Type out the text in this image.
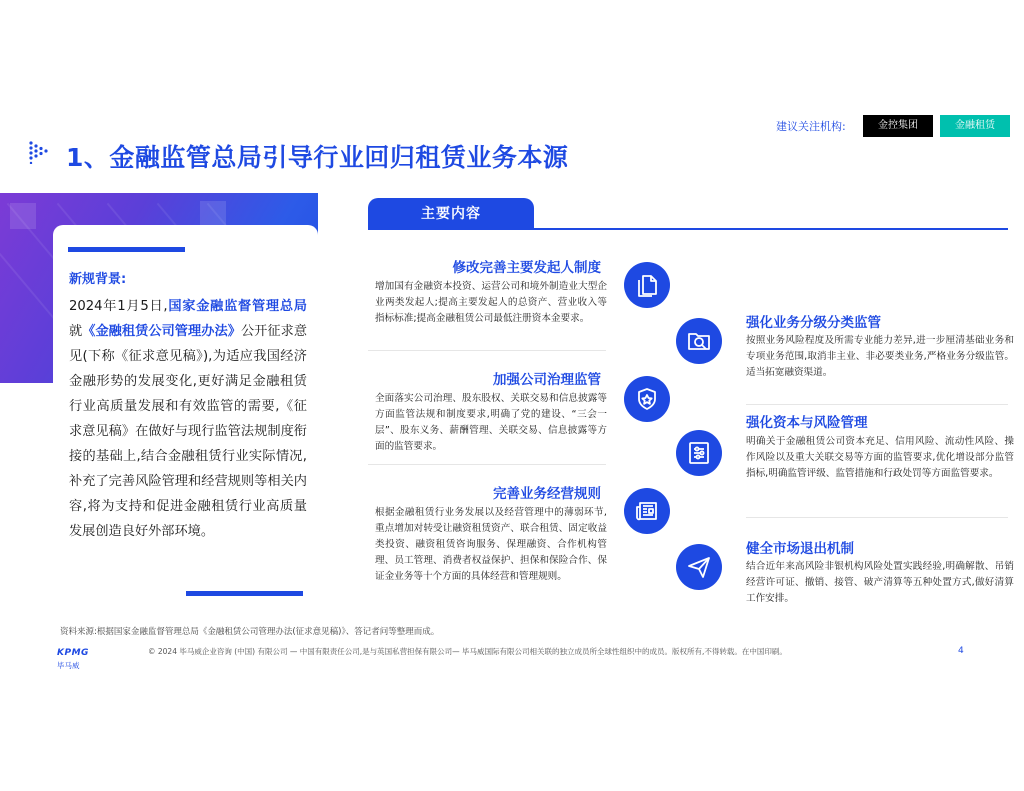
建议关注机构:	金控集团	金融租赁
1、金融监管总局引导行业回归租赁业务本源
新规背景:
2024年1月5日,国家金融监督管理总局就《金融租赁公司管理办法》公开征求意见(下称《征求意见稿》),为适应我国经济金融形势的发展变化,更好满足金融租赁行业高质量发展和有效监管的需要,《征求意见稿》在做好与现行监管法规制度衔接的基础上,结合金融租赁行业实际情况,补充了完善风险管理和经营规则等相关内容,将为支持和促进金融租赁行业高质量发展创造良好外部环境。
主要内容
修改完善主要发起人制度
增加国有金融资本投资、运营公司和境外制造业大型企业两类发起人;提高主要发起人的总资产、营业收入等指标标准;提高金融租赁公司最低注册资本金要求。
加强公司治理监管
全面落实公司治理、股东股权、关联交易和信息披露等方面监管法规和制度要求,明确了党的建设、“三会一层”、股东义务、薪酬管理、关联交易、信息披露等方面的监管要求。
完善业务经营规则
根据金融租赁行业务发展以及经营管理中的薄弱环节,重点增加对转受让融资租赁资产、联合租赁、固定收益类投资、融资租赁咨询服务、保理融资、合作机构管理、员工管理、消费者权益保护、担保和保险合作、保证金业务等十个方面的具体经营和管理规则。
强化业务分级分类监管
按照业务风险程度及所需专业能力差异,进一步厘清基础业务和专项业务范围,取消非主业、非必要类业务,严格业务分级监管。适当拓宽融资渠道。
强化资本与风险管理
明确关于金融租赁公司资本充足、信用风险、流动性风险、操作风险以及重大关联交易等方面的监管要求,优化增设部分监管指标,明确监管评级、监管措施和行政处罚等方面监管要求。
健全市场退出机制
结合近年来高风险非银机构风险处置实践经验,明确解散、吊销经营许可证、撤销、接管、破产清算等五种处置方式,做好清算工作安排。
资料来源:根据国家金融监督管理总局《金融租赁公司管理办法(征求意见稿)》、答记者问等整理而成。
KPMG
毕马威
© 2024 毕马威企业咨询 (中国) 有限公司 — 中国有限责任公司,是与英国私营担保有限公司— 毕马威国际有限公司相关联的独立成员所全球性组织中的成员。版权所有,不得转载。在中国印刷。	4
